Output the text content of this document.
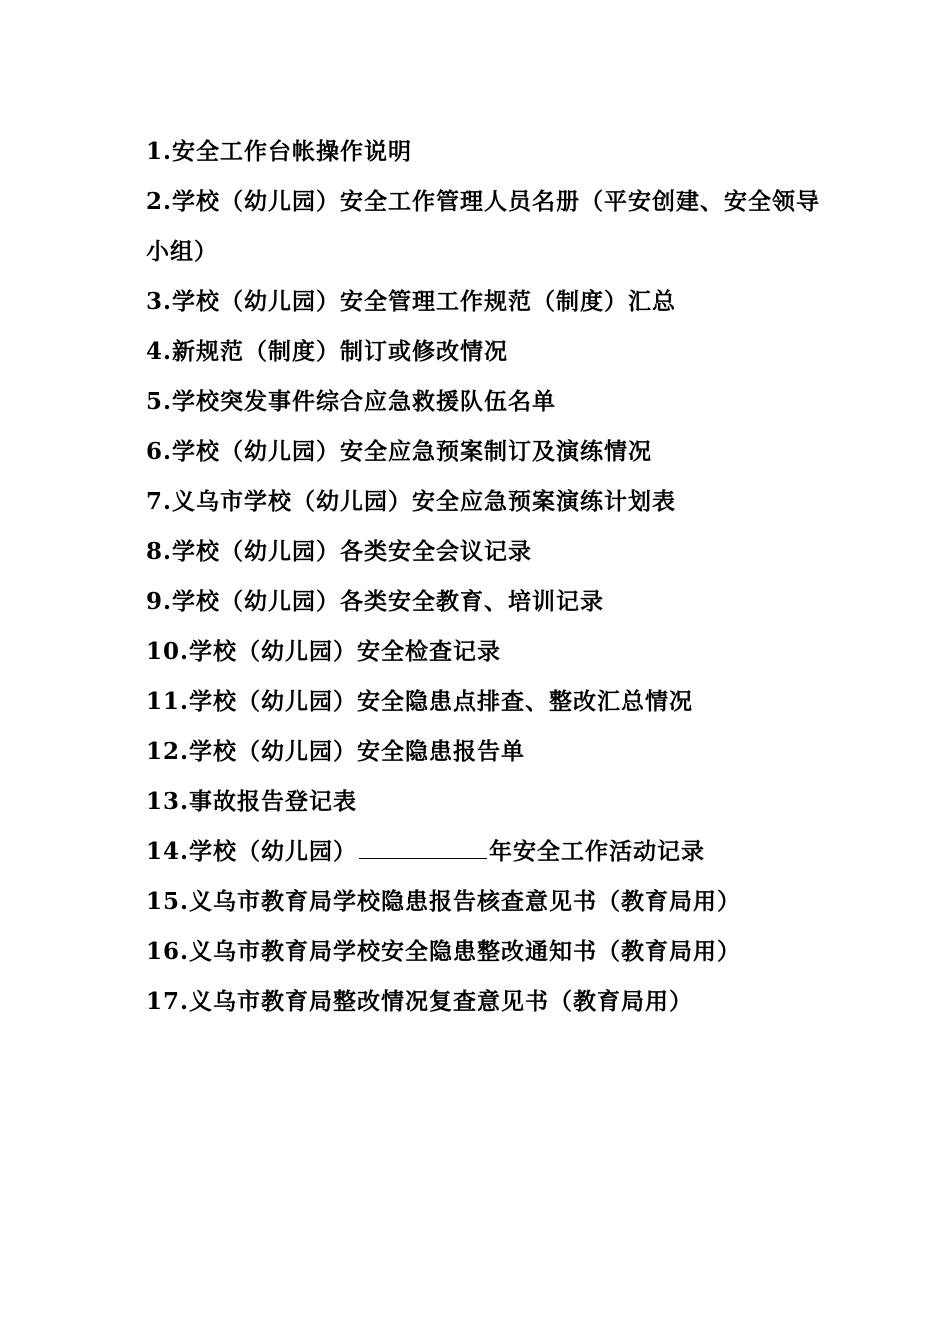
1.安全工作台帐操作说明
2.学校（幼儿园）安全工作管理人员名册（平安创建、安全领导小组）
3.学校（幼儿园）安全管理工作规范（制度）汇总
4.新规范（制度）制订或修改情况
5.学校突发事件综合应急救援队伍名单
6.学校（幼儿园）安全应急预案制订及演练情况
7.义乌市学校（幼儿园）安全应急预案演练计划表
8.学校（幼儿园）各类安全会议记录
9.学校（幼儿园）各类安全教育、培训记录
10.学校（幼儿园）安全检查记录
11.学校（幼儿园）安全隐患点排查、整改汇总情况
12.学校（幼儿园）安全隐患报告单
13.事故报告登记表
14.学校（幼儿园）	年安全工作活动记录
15.义乌市教育局学校隐患报告核查意见书（教育局用）
16.义乌市教育局学校安全隐患整改通知书（教育局用）
17.义乌市教育局整改情况复查意见书（教育局用）
